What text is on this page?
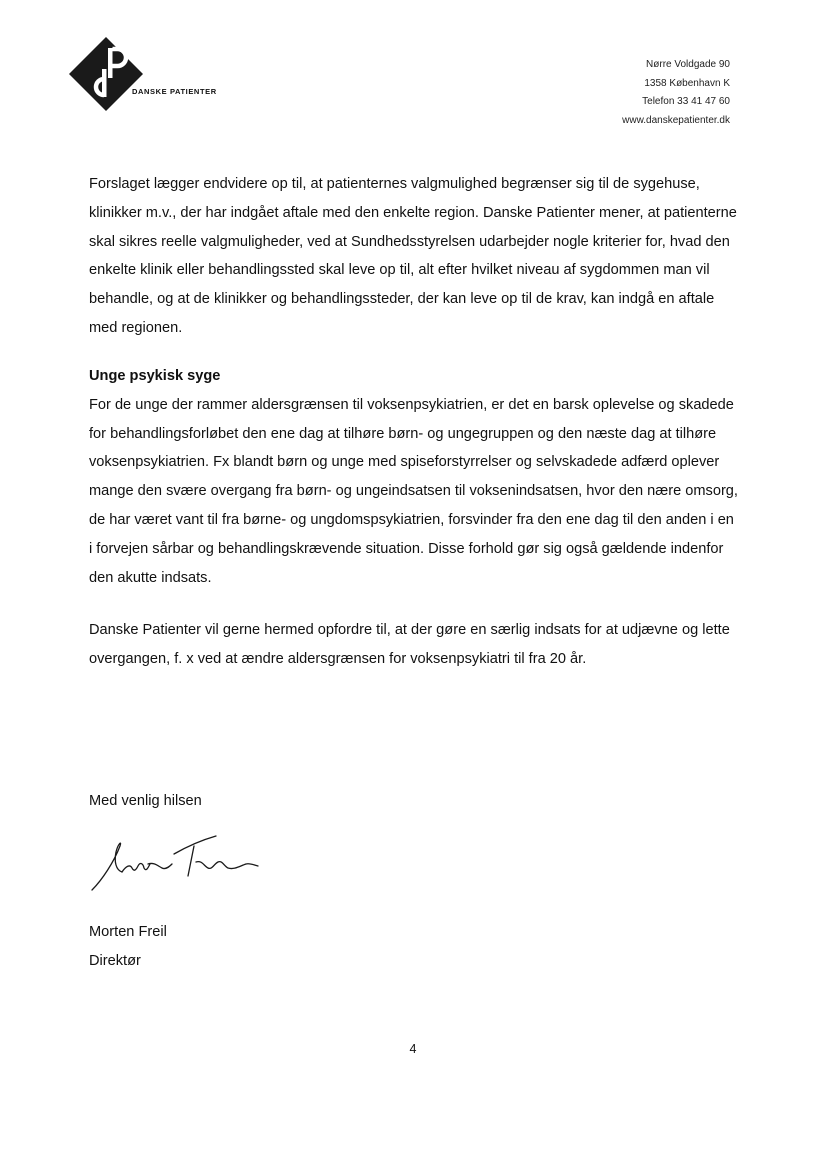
DANSKE PATIENTER
Nørre Voldgade 90
1358 København K
Telefon 33 41 47 60
www.danskepatienter.dk

Forslaget lægger endvidere op til, at patienternes valgmulighed begrænser sig til de sygehuse, klinikker m.v., der har indgået aftale med den enkelte region. Danske Patienter mener, at patienterne skal sikres reelle valgmuligheder, ved at Sundhedsstyrelsen udarbejder nogle kriterier for, hvad den enkelte klinik eller behandlingssted skal leve op til, alt efter hvilket niveau af sygdommen man vil behandle, og at de klinikker og behandlingssteder, der kan leve op til de krav, kan indgå en aftale med regionen.

Unge psykisk syge

For de unge der rammer aldersgrænsen til voksenpsykiatrien, er det en barsk oplevelse og skadede for behandlingsforløbet den ene dag at tilhøre børn- og ungegruppen og den næste dag at tilhøre voksenpsykiatrien. Fx blandt børn og unge med spiseforstyrrelser og selvskadede adfærd oplever mange den svære overgang fra børn- og ungeindsatsen til voksenindsatsen, hvor den nære omsorg, de har været vant til fra børne- og ungdomspsykiatrien, forsvinder fra den ene dag til den anden i en i forvejen sårbar og behandlingskrævende situation. Disse forhold gør sig også gældende indenfor den akutte indsats.

Danske Patienter vil gerne hermed opfordre til, at der gøre en særlig indsats for at udjævne og lette overgangen, f. x ved at ændre aldersgrænsen for voksenpsykiatri til fra 20 år.

Med venlig hilsen
Morten Freil
Direktør
4
